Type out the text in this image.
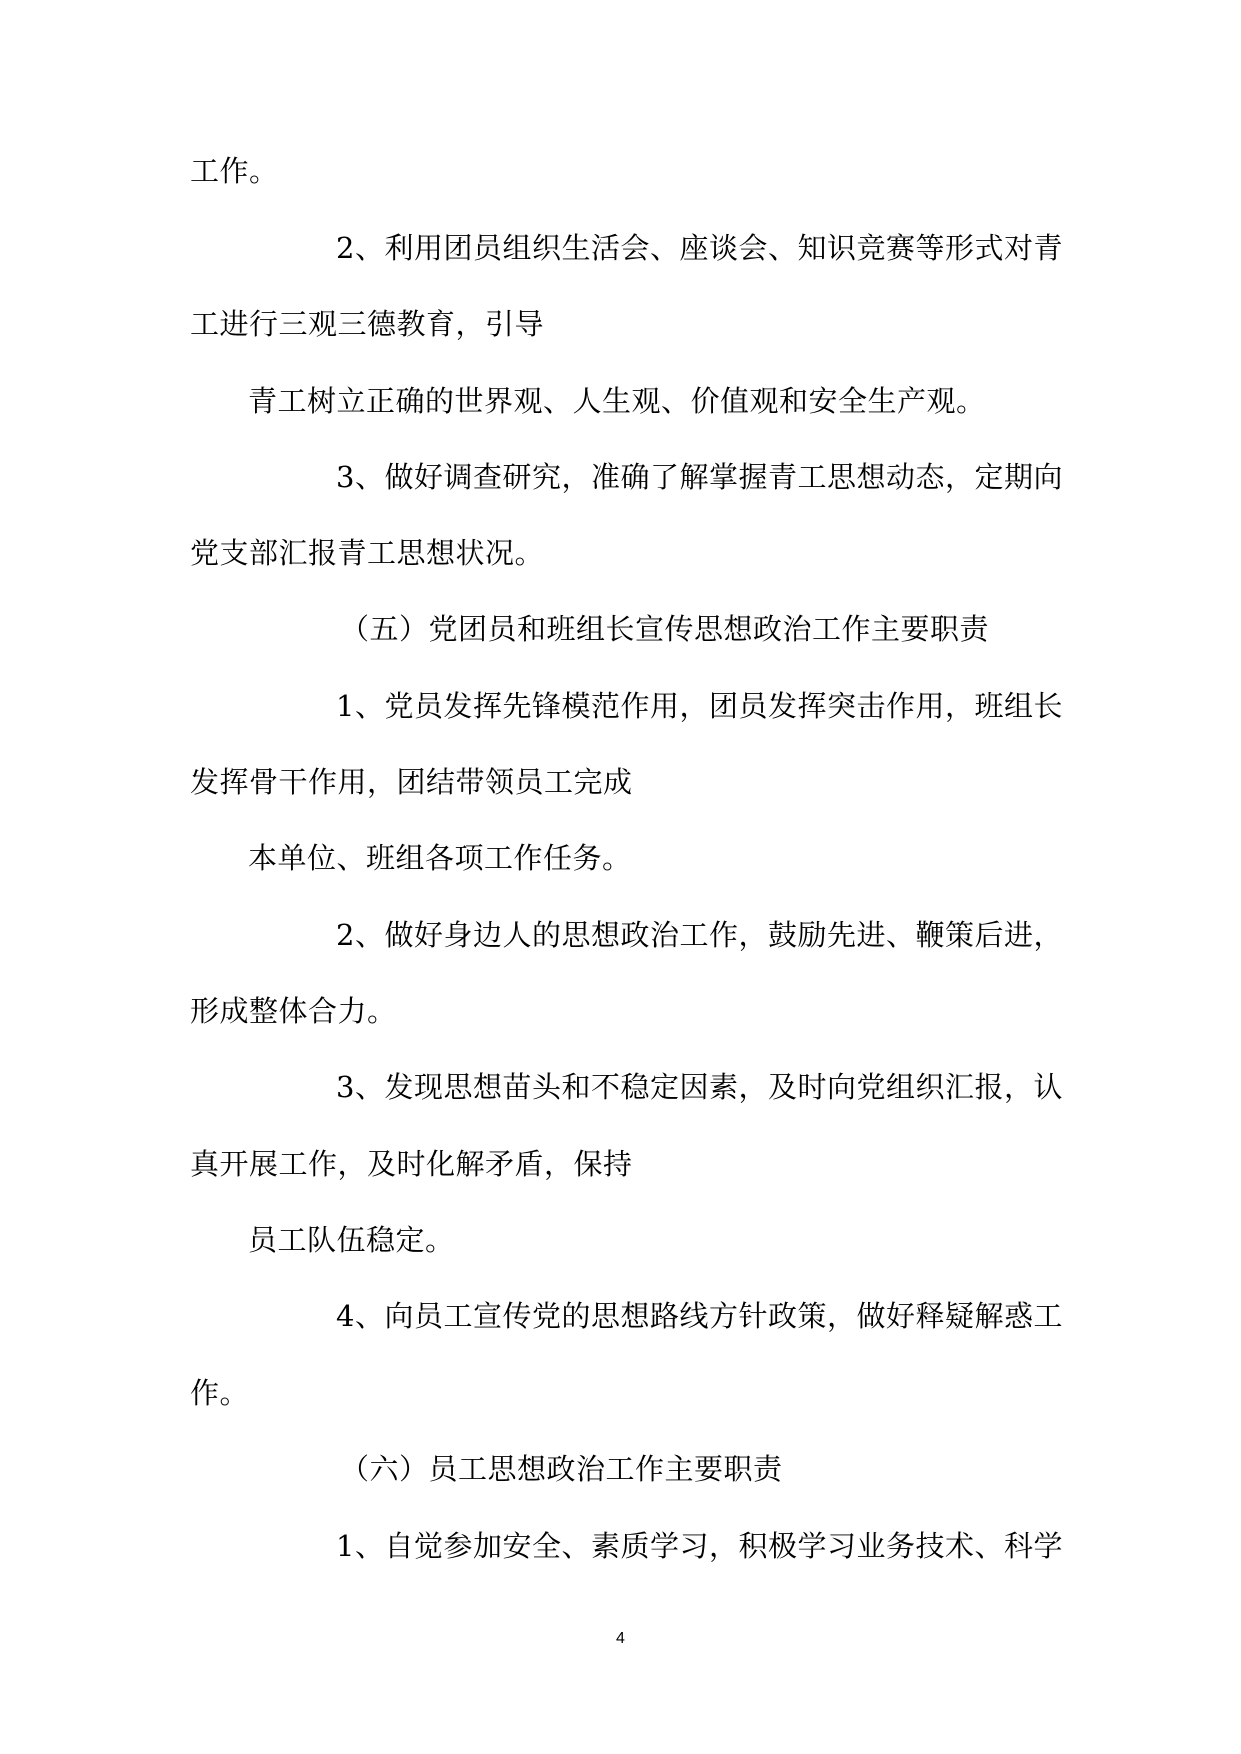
工作。
2、利用团员组织生活会、座谈会、知识竞赛等形式对青
工进行三观三德教育，引导
青工树立正确的世界观、人生观、价值观和安全生产观。
3、做好调查研究，准确了解掌握青工思想动态，定期向
党支部汇报青工思想状况。
（五）党团员和班组长宣传思想政治工作主要职责
1、党员发挥先锋模范作用，团员发挥突击作用，班组长
发挥骨干作用，团结带领员工完成
本单位、班组各项工作任务。
2、做好身边人的思想政治工作，鼓励先进、鞭策后进，
形成整体合力。
3、发现思想苗头和不稳定因素，及时向党组织汇报，认
真开展工作，及时化解矛盾，保持
员工队伍稳定。
4、向员工宣传党的思想路线方针政策，做好释疑解惑工
作。
（六）员工思想政治工作主要职责
1、自觉参加安全、素质学习，积极学习业务技术、科学
4
